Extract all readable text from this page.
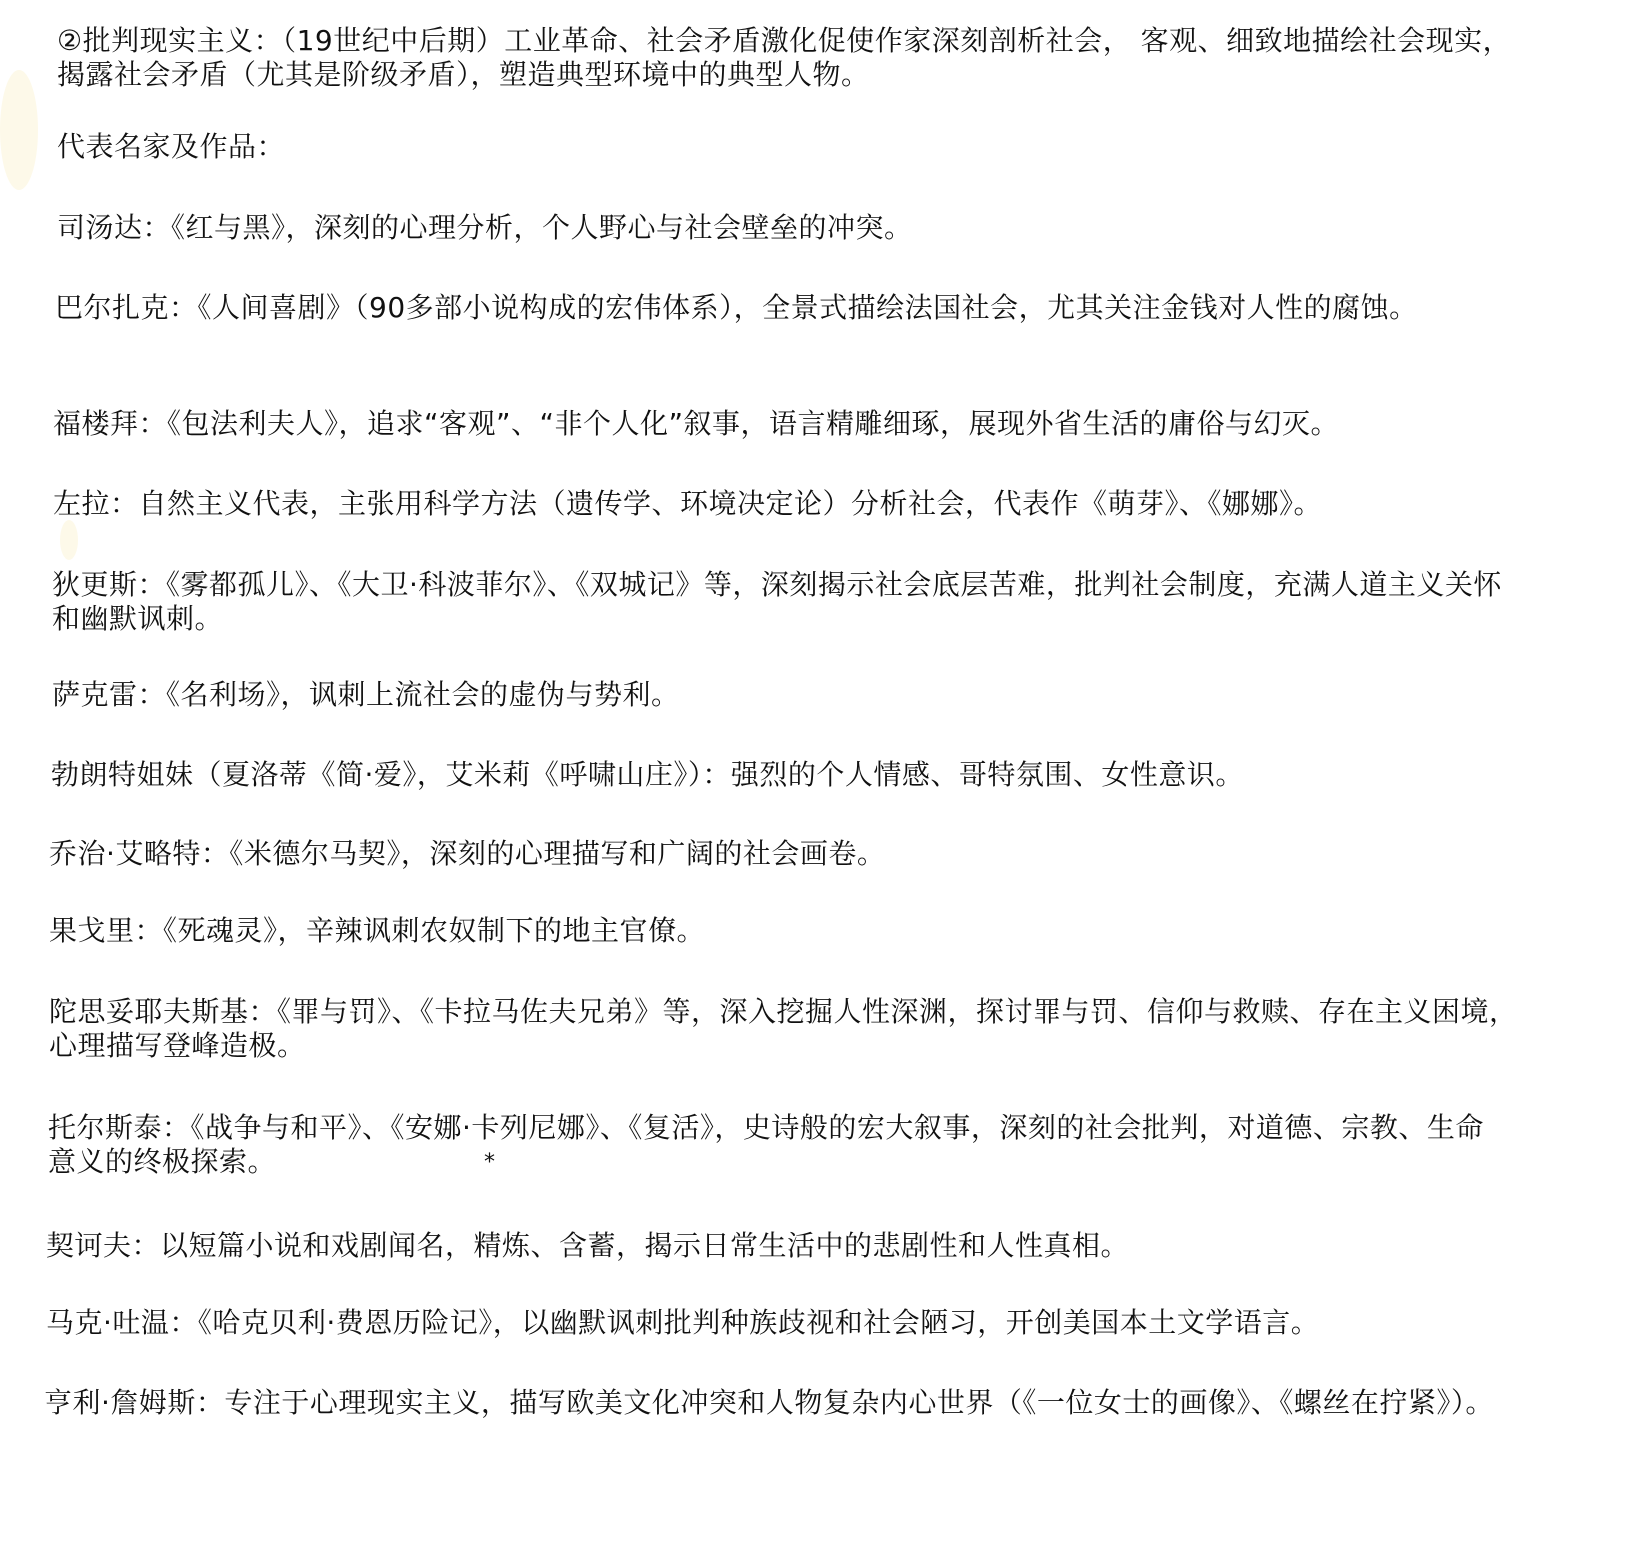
②批判现实主义：（19世纪中后期）工业革命、社会矛盾激化促使作家深刻剖析社会， 客观、细致地描绘社会现实，揭露社会矛盾（尤其是阶级矛盾），塑造典型环境中的典型人物。

代表名家及作品：

司汤达：《红与黑》，深刻的心理分析，个人野心与社会壁垒的冲突。

巴尔扎克：《人间喜剧》（90多部小说构成的宏伟体系），全景式描绘法国社会，尤其关注金钱对人性的腐蚀。

福楼拜：《包法利夫人》，追求“客观”、“非个人化”叙事，语言精雕细琢，展现外省生活的庸俗与幻灭。

左拉：自然主义代表，主张用科学方法（遗传学、环境决定论）分析社会，代表作《萌芽》、《娜娜》。

狄更斯：《雾都孤儿》、《大卫·科波菲尔》、《双城记》等，深刻揭示社会底层苦难，批判社会制度，充满人道主义关怀和幽默讽刺。

萨克雷：《名利场》，讽刺上流社会的虚伪与势利。

勃朗特姐妹（夏洛蒂《简·爱》，艾米莉《呼啸山庄》）：强烈的个人情感、哥特氛围、女性意识。

乔治·艾略特：《米德尔马契》，深刻的心理描写和广阔的社会画卷。

果戈里：《死魂灵》，辛辣讽刺农奴制下的地主官僚。

陀思妥耶夫斯基：《罪与罚》、《卡拉马佐夫兄弟》等，深入挖掘人性深渊，探讨罪与罚、信仰与救赎、存在主义困境，心理描写登峰造极。

托尔斯泰：《战争与和平》、《安娜·卡列尼娜》、《复活》，史诗般的宏大叙事，深刻的社会批判，对道德、宗教、生命意义的终极探索。

契诃夫：以短篇小说和戏剧闻名，精炼、含蓄，揭示日常生活中的悲剧性和人性真相。

马克·吐温：《哈克贝利·费恩历险记》，以幽默讽刺批判种族歧视和社会陋习，开创美国本土文学语言。

亨利·詹姆斯：专注于心理现实主义，描写欧美文化冲突和人物复杂内心世界（《一位女士的画像》、《螺丝在拧紧》）。

*
